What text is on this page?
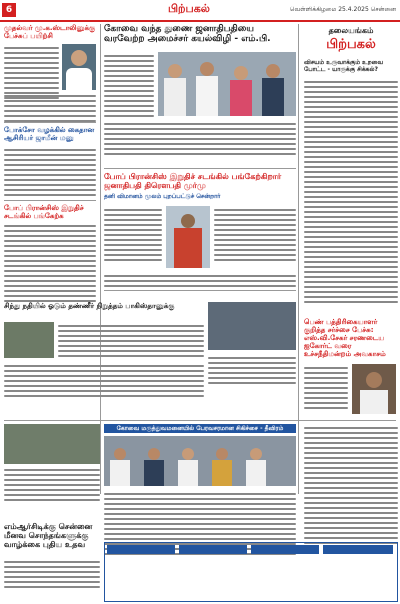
6	பிற்பகல்	வெள்ளிக்கிழமை 25.4.2025 சென்னை
முதல்வர் மு.க.ஸ்டாலினுக்கு பேச்சுப் பயிற்சி
போக்சோ வழக்கில் கைதான ஆசிரியர் ஜாமீன் மனு
போப் பிரான்சிஸ் இறுதிச் சடங்கில் பங்கேற்க
கோவை வந்த துணை ஜனாதிபதியை வரவேற்ற அமைச்சர் கயல்விழி - எம்.பி.
போப் பிரான்சிஸ் இறுதிச் சடங்கில் பங்கேற்கிறார் ஜனாதிபதி திரௌபதி முர்மு
தனி விமானம் மூலம் புறப்பட்டுச் சென்றார்
தலையங்கம்
பிற்பகல்
விசயம் உருவாக்கும் உறவை போட்ட - யாருக்கு சிக்கல்?
சிந்து நதியில் ஓடும் தண்ணீர் நிறுத்தம் பாகிஸ்தானுக்கு
பெண் பத்திரிகையாளர் குறித்த சர்ச்சை பேச்சு: எஸ்.வி.சேகர் சரணடைய ஐகோர்ட் வரை உச்சநீதிமன்றம் அவகாசம்
கோவை மருத்துவமனையில் பேரவசரமான சிகிச்சை - தீவிரம்
எம்ஆர்சிடிக்கு சென்னை மீனவ சொந்தங்களுக்கு வாழ்க்கை புதிய உதவ
